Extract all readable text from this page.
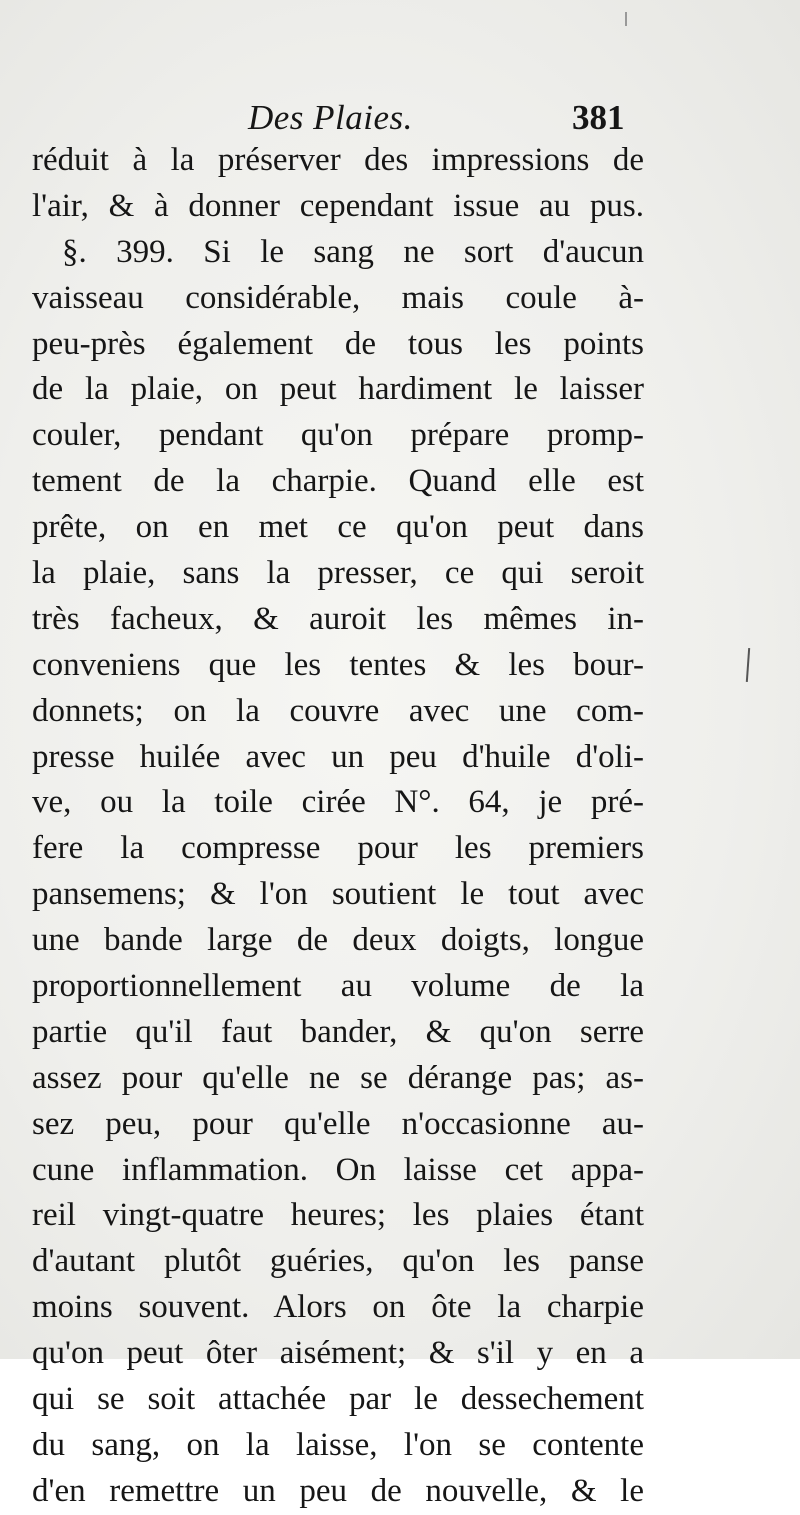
Des Plaies.	381
réduit à la préserver des impressions de
l'air, & à donner cependant issue au pus.
§. 399. Si le sang ne sort d'aucun
vaisseau considérable, mais coule à-
peu-près également de tous les points
de la plaie, on peut hardiment le laisser
couler, pendant qu'on prépare promp-
tement de la charpie. Quand elle est
prête, on en met ce qu'on peut dans
la plaie, sans la presser, ce qui seroit
très facheux, & auroit les mêmes in-
conveniens que les tentes & les bour-
donnets; on la couvre avec une com-
presse huilée avec un peu d'huile d'oli-
ve, ou la toile cirée N°. 64, je pré-
fere la compresse pour les premiers
pansemens; & l'on soutient le tout avec
une bande large de deux doigts, longue
proportionnellement au volume de la
partie qu'il faut bander, & qu'on serre
assez pour qu'elle ne se dérange pas; as-
sez peu, pour qu'elle n'occasionne au-
cune inflammation. On laisse cet appa-
reil vingt-quatre heures; les plaies étant
d'autant plutôt guéries, qu'on les panse
moins souvent. Alors on ôte la charpie
qu'on peut ôter aisément; & s'il y en a
qui se soit attachée par le dessechement
du sang, on la laisse, l'on se contente
d'en remettre un peu de nouvelle, & le
